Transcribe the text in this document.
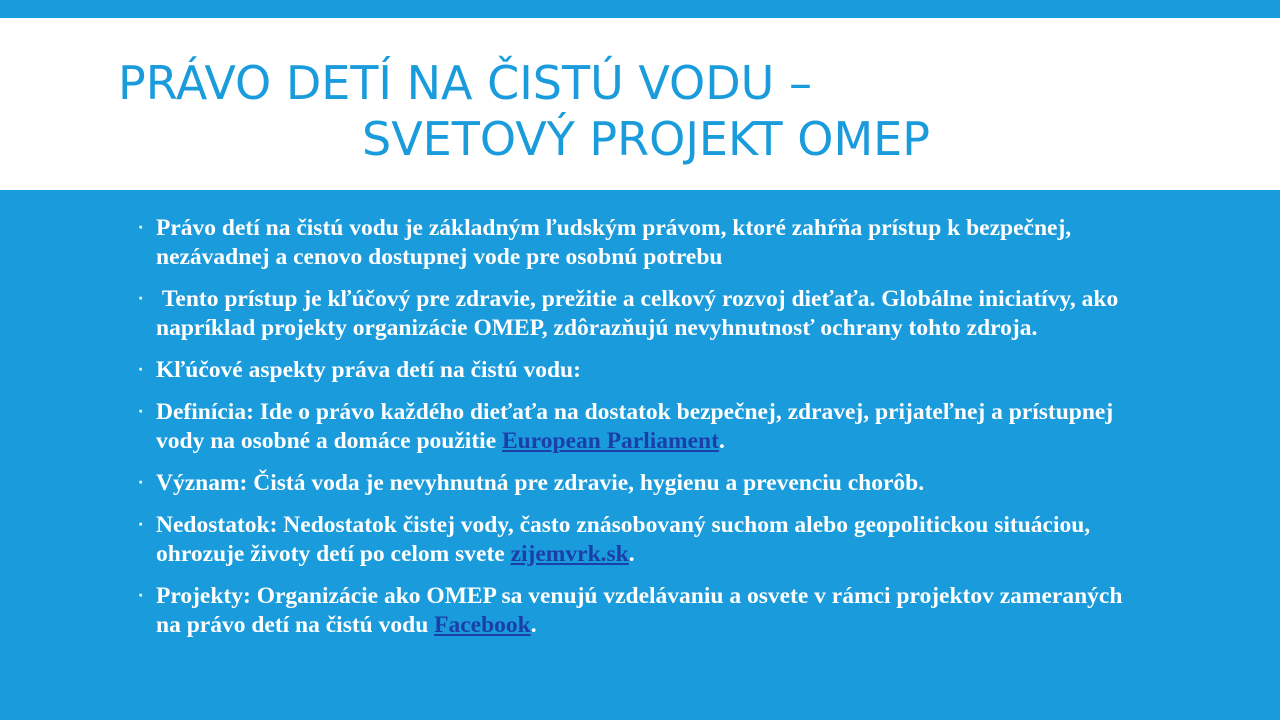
PRÁVO DETÍ NA ČISTÚ VODU –
SVETOVÝ PROJEKT OMEP
· Právo detí na čistú vodu je základným ľudským právom, ktoré zahŕňa prístup k bezpečnej, nezávadnej a cenovo dostupnej vode pre osobnú potrebu
· Tento prístup je kľúčový pre zdravie, prežitie a celkový rozvoj dieťaťa. Globálne iniciatívy, ako napríklad projekty organizácie OMEP, zdôrazňujú nevyhnutnosť ochrany tohto zdroja.
· Kľúčové aspekty práva detí na čistú vodu:
· Definícia: Ide o právo každého dieťaťa na dostatok bezpečnej, zdravej, prijateľnej a prístupnej vody na osobné a domáce použitie European Parliament.
· Význam: Čistá voda je nevyhnutná pre zdravie, hygienu a prevenciu chorôb.
· Nedostatok: Nedostatok čistej vody, často znásobovaný suchom alebo geopolitickou situáciou, ohrozuje životy detí po celom svete zijemvrk.sk.
· Projekty: Organizácie ako OMEP sa venujú vzdelávaniu a osvete v rámci projektov zameraných na právo detí na čistú vodu Facebook.
